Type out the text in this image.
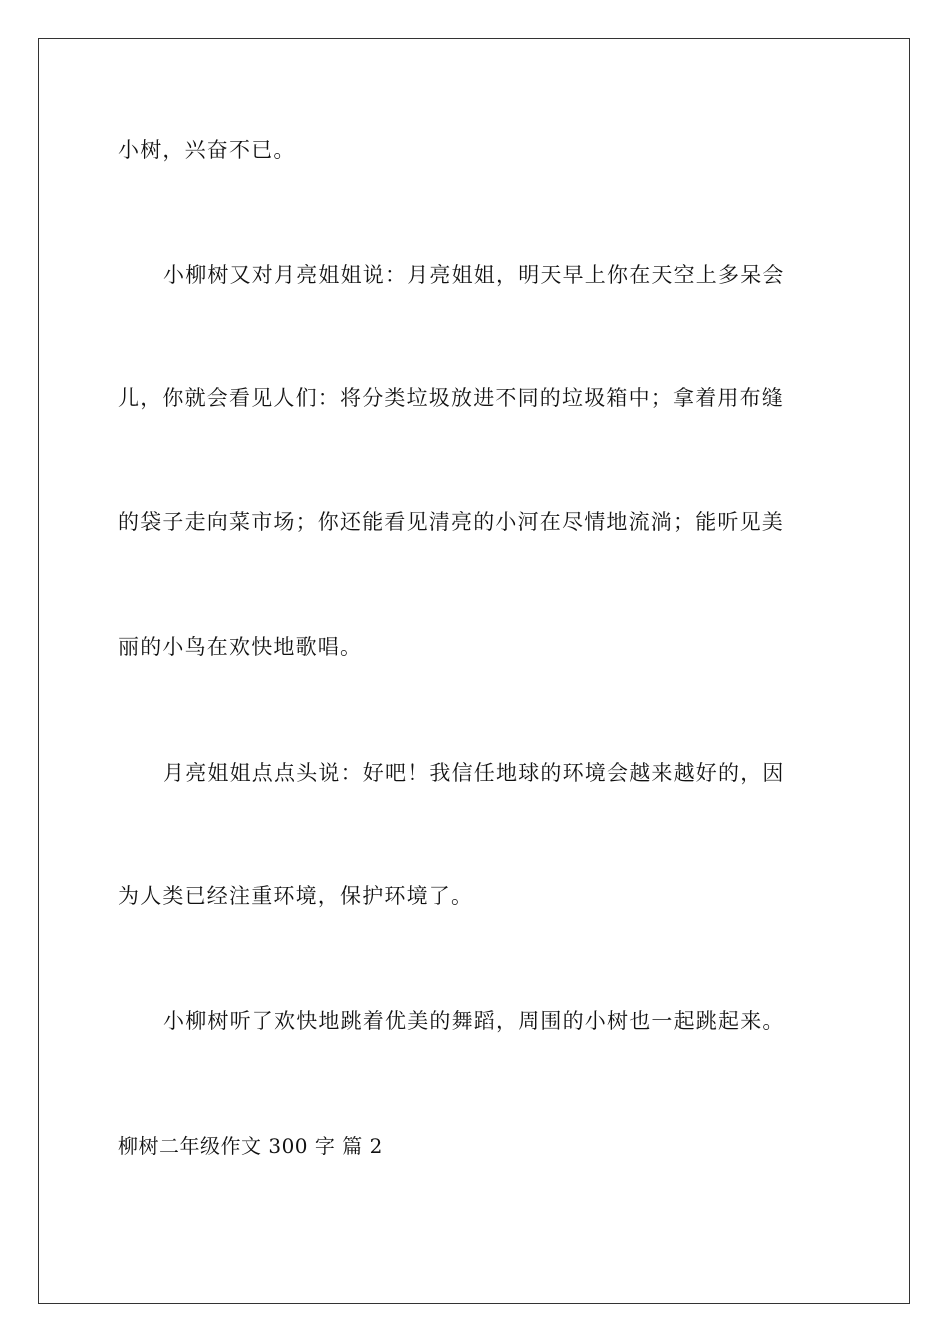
小树，兴奋不已。
小柳树又对月亮姐姐说：月亮姐姐，明天早上你在天空上多呆会
儿，你就会看见人们：将分类垃圾放进不同的垃圾箱中；拿着用布缝
的袋子走向菜市场；你还能看见清亮的小河在尽情地流淌；能听见美
丽的小鸟在欢快地歌唱。
月亮姐姐点点头说：好吧！我信任地球的环境会越来越好的，因
为人类已经注重环境，保护环境了。
小柳树听了欢快地跳着优美的舞蹈，周围的小树也一起跳起来。
柳树二年级作文 300 字 篇 2
